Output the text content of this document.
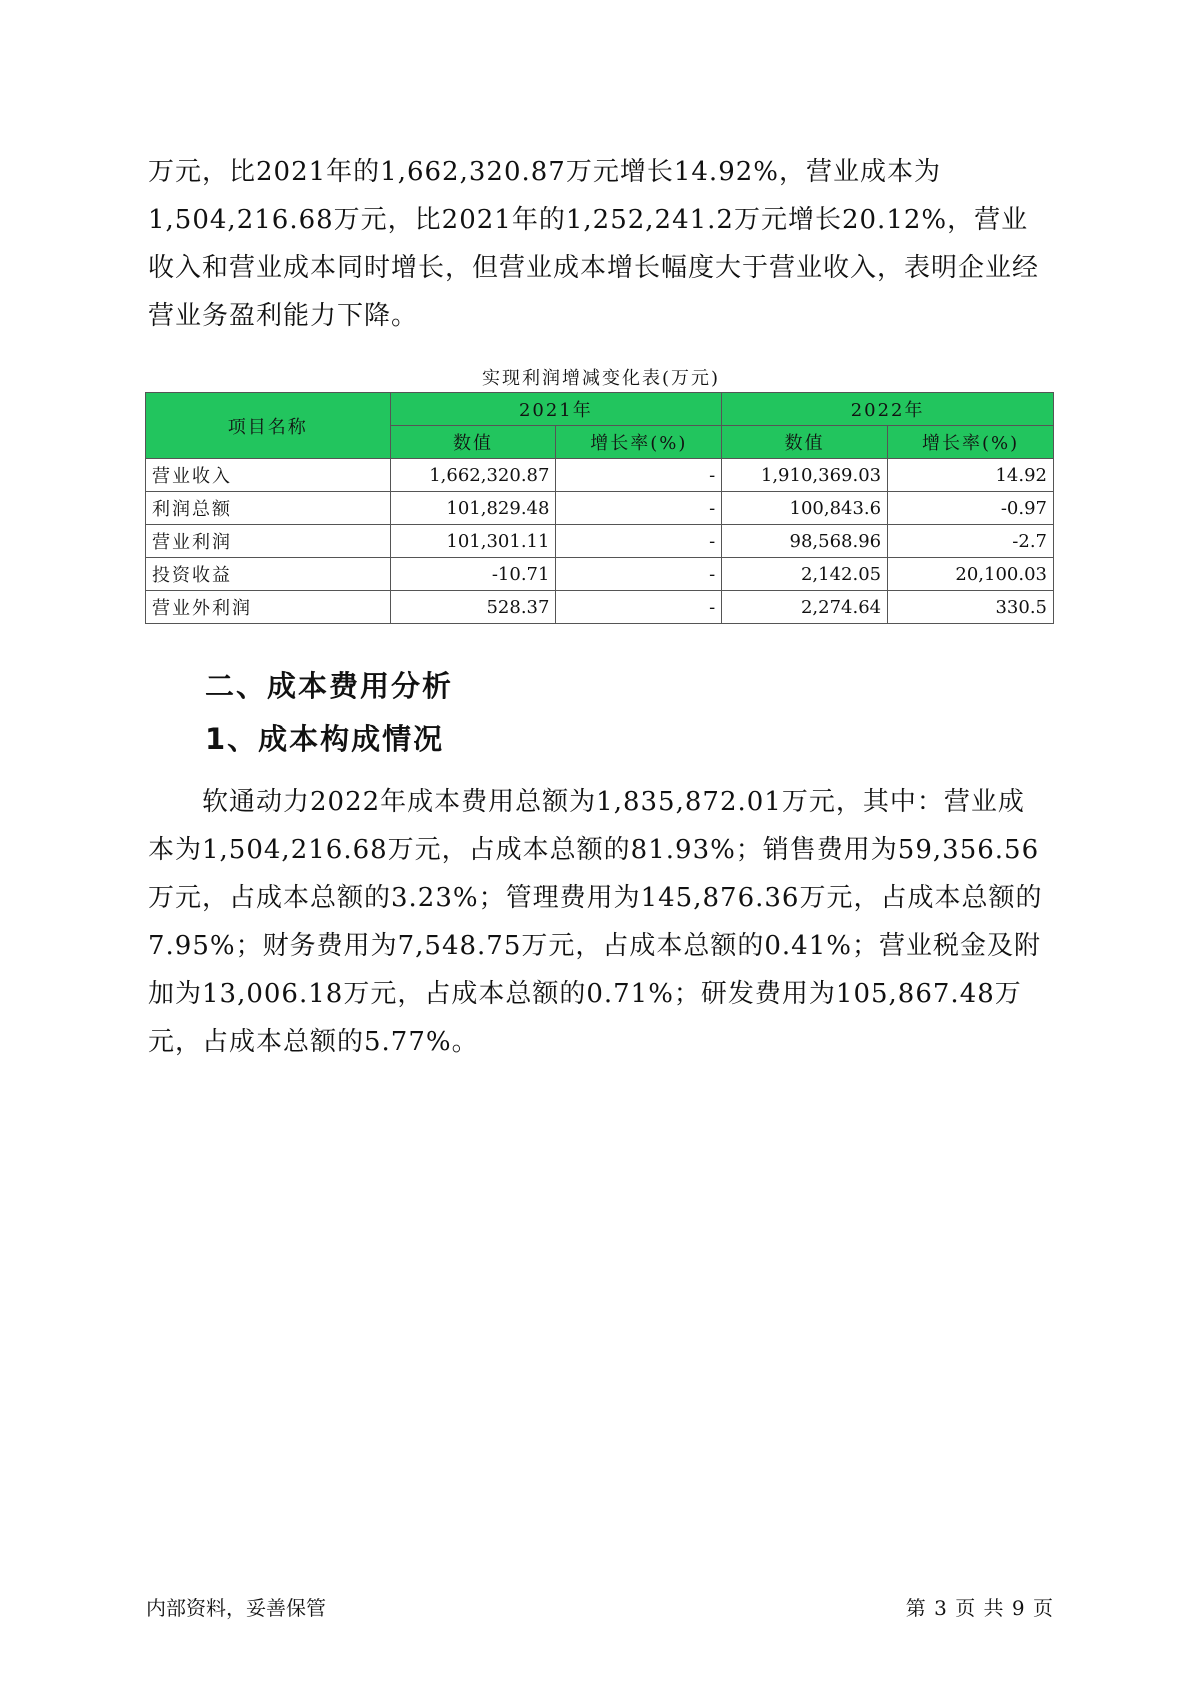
万元，比2021年的1,662,320.87万元增长14.92%，营业成本为1,504,216.68万元，比2021年的1,252,241.2万元增长20.12%，营业收入和营业成本同时增长，但营业成本增长幅度大于营业收入，表明企业经营业务盈利能力下降。

实现利润增减变化表(万元)
项目名称	2021年		2022年	
	数值	增长率(%)	数值	增长率(%)
营业收入	1,662,320.87	-	1,910,369.03	14.92
利润总额	101,829.48	-	100,843.6	-0.97
营业利润	101,301.11	-	98,568.96	-2.7
投资收益	-10.71	-	2,142.05	20,100.03
营业外利润	528.37	-	2,274.64	330.5
二、成本费用分析
1、成本构成情况

软通动力2022年成本费用总额为1,835,872.01万元，其中：营业成本为1,504,216.68万元，占成本总额的81.93%；销售费用为59,356.56万元，占成本总额的3.23%；管理费用为145,876.36万元，占成本总额的7.95%；财务费用为7,548.75万元，占成本总额的0.41%；营业税金及附加为13,006.18万元，占成本总额的0.71%；研发费用为105,867.48万元，占成本总额的5.77%。

内部资料，妥善保管	第 3 页 共 9 页
